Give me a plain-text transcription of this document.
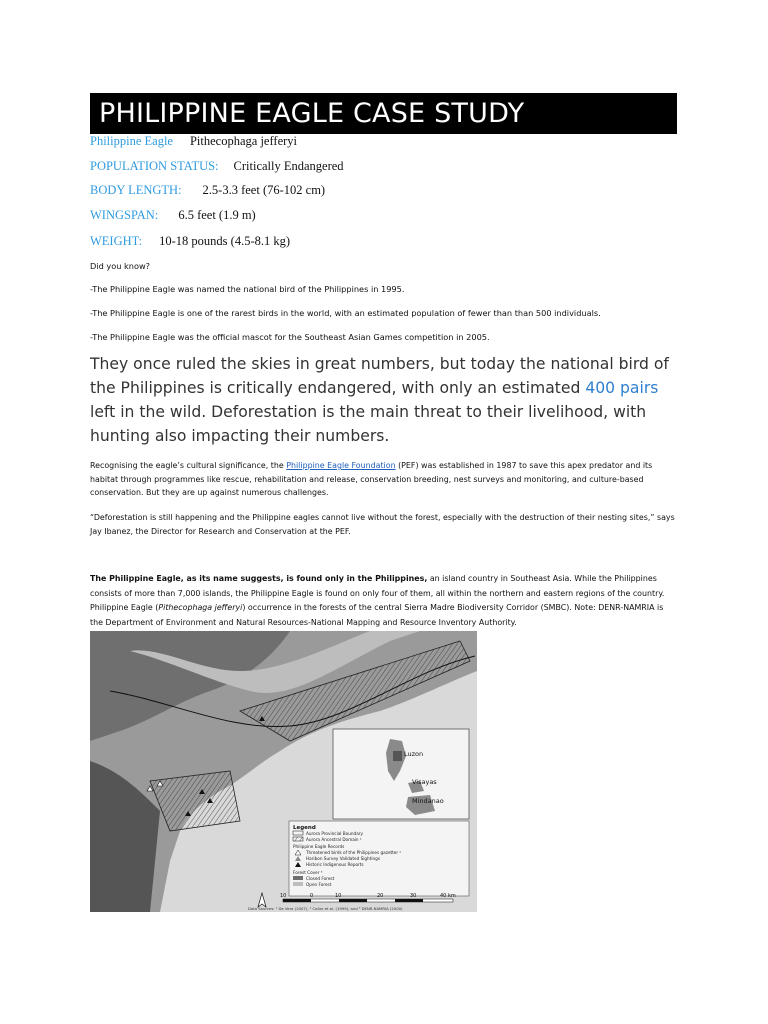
PHILIPPINE EAGLE CASE STUDY
Philippine Eagle Pithecophaga jefferyi
POPULATION STATUS: Critically Endangered
BODY LENGTH: 2.5-3.3 feet (76-102 cm)
WINGSPAN: 6.5 feet (1.9 m)
WEIGHT: 10-18 pounds (4.5-8.1 kg)
Did you know?
-The Philippine Eagle was named the national bird of the Philippines in 1995.
-The Philippine Eagle is one of the rarest birds in the world, with an estimated population of fewer than than 500 individuals.
-The Philippine Eagle was the official mascot for the Southeast Asian Games competition in 2005.
They once ruled the skies in great numbers, but today the national bird of the Philippines is critically endangered, with only an estimated 400 pairs left in the wild. Deforestation is the main threat to their livelihood, with hunting also impacting their numbers.
Recognising the eagle’s cultural significance, the Philippine Eagle Foundation (PEF) was established in 1987 to save this apex predator and its habitat through programmes like rescue, rehabilitation and release, conservation breeding, nest surveys and monitoring, and culture-based conservation. But they are up against numerous challenges.
“Deforestation is still happening and the Philippine eagles cannot live without the forest, especially with the destruction of their nesting sites,” says Jay Ibanez, the Director for Research and Conservation at the PEF.
The Philippine Eagle, as its name suggests, is found only in the Philippines, an island country in Southeast Asia. While the Philippines consists of more than 7,000 islands, the Philippine Eagle is found on only four of them, all within the northern and eastern regions of the country. Philippine Eagle (Pithecophaga jefferyi) occurrence in the forests of the central Sierra Madre Biodiversity Corridor (SMBC). Note: DENR-NAMRIA is the Department of Environment and Natural Resources-National Mapping and Resource Inventory Authority.
Luzon
Visayas
Mindanao
Legend
Aurora Provincial Boundary
Aurora Ancestral Domain ¹
Philippine Eagle Records
Threatened birds of the Philippines gazetter ²
Haribon Survey Validated Sightings
Historic Indigenous Reports
Forest Cover ³
Closed Forest
Open Forest
10	0	10	20	30	40 km
Data Sources: ¹ De Vera (2007), ² Collar et al. (1999), and ³ DENR-NAMRIA (2000)
